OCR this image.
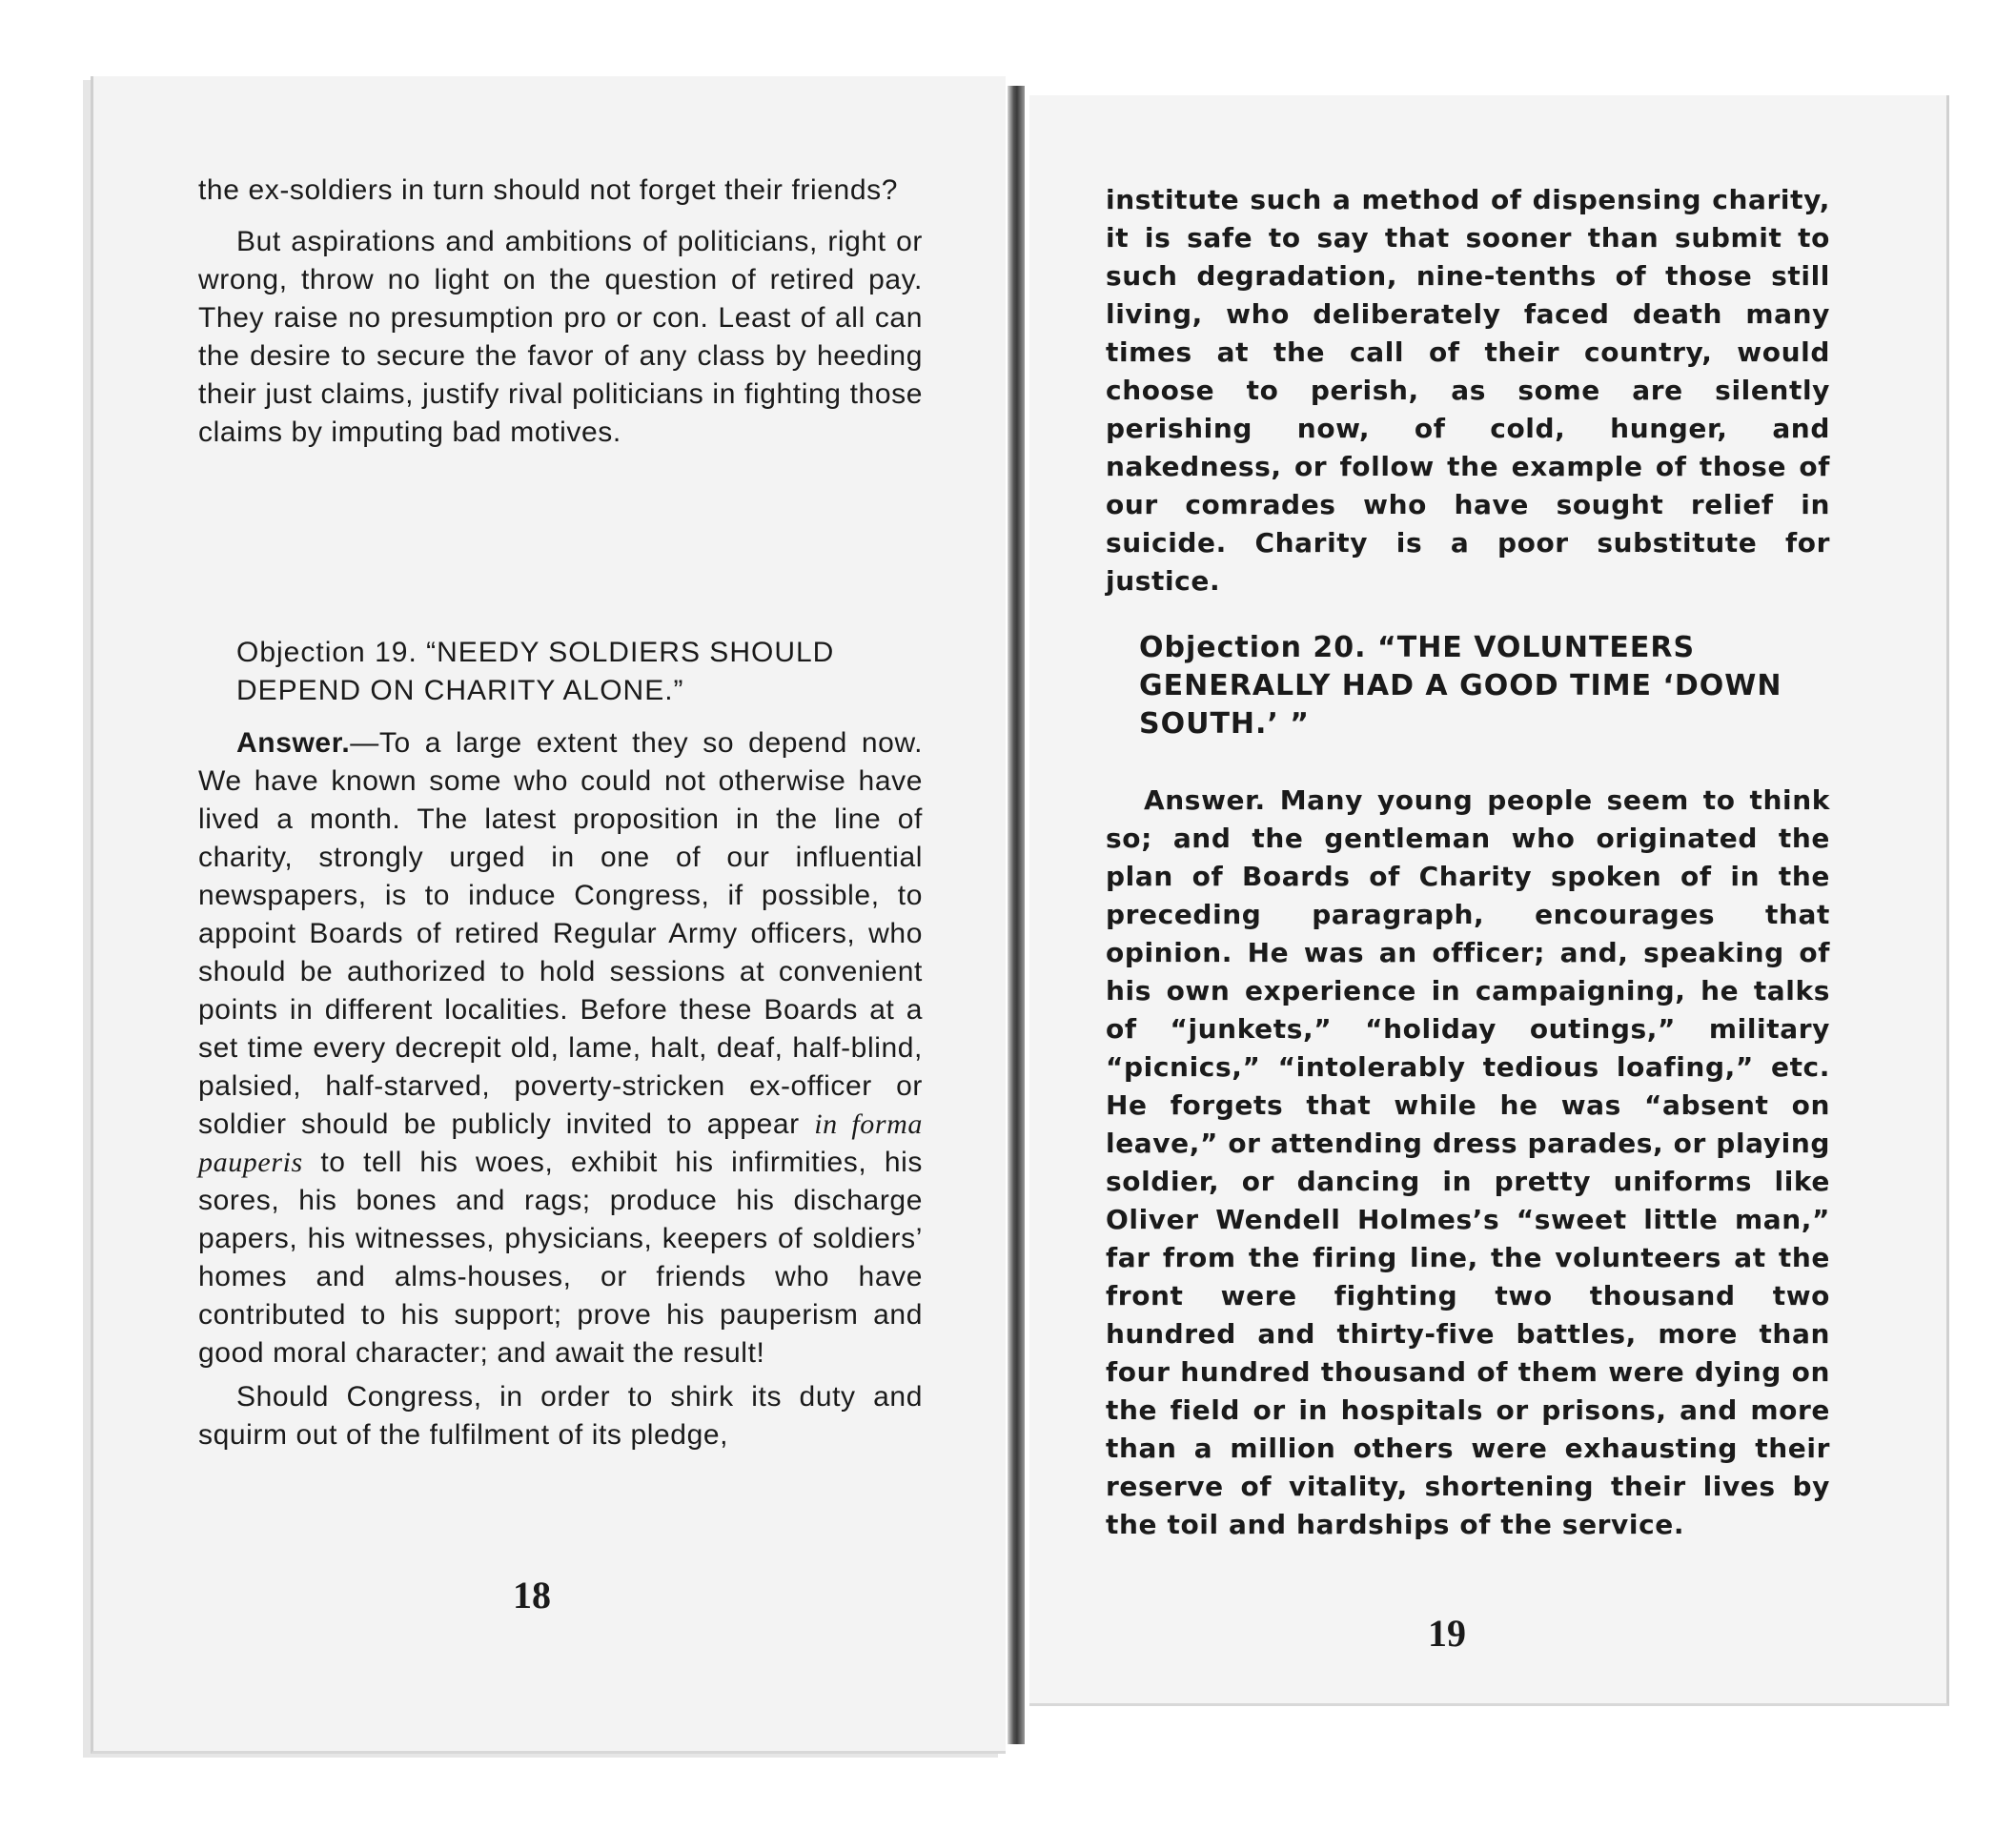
the ex-soldiers in turn should not forget their friends?

But aspirations and ambitions of politicians, right or wrong, throw no light on the question of retired pay. They raise no presumption pro or con. Least of all can the desire to secure the favor of any class by heeding their just claims, justify rival politicians in fighting those claims by imputing bad motives.

Objection 19. “NEEDY SOLDIERS SHOULD DEPEND ON CHARITY ALONE.”

Answer.—To a large extent they so depend now. We have known some who could not otherwise have lived a month. The latest proposition in the line of charity, strongly urged in one of our influential newspapers, is to induce Congress, if possible, to appoint Boards of retired Regular Army officers, who should be authorized to hold sessions at convenient points in different localities. Before these Boards at a set time every decrepit old, lame, halt, deaf, half-blind, palsied, half-starved, poverty-stricken ex-officer or soldier should be publicly invited to appear in forma pauperis to tell his woes, exhibit his infirmities, his sores, his bones and rags; produce his discharge papers, his witnesses, physicians, keepers of soldiers’ homes and alms-houses, or friends who have contributed to his support; prove his pauperism and good moral character; and await the result!

Should Congress, in order to shirk its duty and squirm out of the fulfilment of its pledge,

18
institute such a method of dispensing charity, it is safe to say that sooner than submit to such degradation, nine-tenths of those still living, who deliberately faced death many times at the call of their country, would choose to perish, as some are silently perishing now, of cold, hunger, and nakedness, or follow the example of those of our comrades who have sought relief in suicide. Charity is a poor substitute for justice.
Objection 20. “THE VOLUNTEERS GENERALLY HAD A GOOD TIME ‘DOWN SOUTH.’ ”

Answer. Many young people seem to think so; and the gentleman who originated the plan of Boards of Charity spoken of in the preceding paragraph, encourages that opinion. He was an officer; and, speaking of his own experience in campaigning, he talks of “junkets,” “holiday outings,” military “picnics,” “intolerably tedious loafing,” etc. He forgets that while he was “absent on leave,” or attending dress parades, or playing soldier, or dancing in pretty uniforms like Oliver Wendell Holmes’s “sweet little man,” far from the firing line, the volunteers at the front were fighting two thousand two hundred and thirty-five battles, more than four hundred thousand of them were dying on the field or in hospitals or prisons, and more than a million others were exhausting their reserve of vitality, shortening their lives by the toil and hardships of the service.

19
